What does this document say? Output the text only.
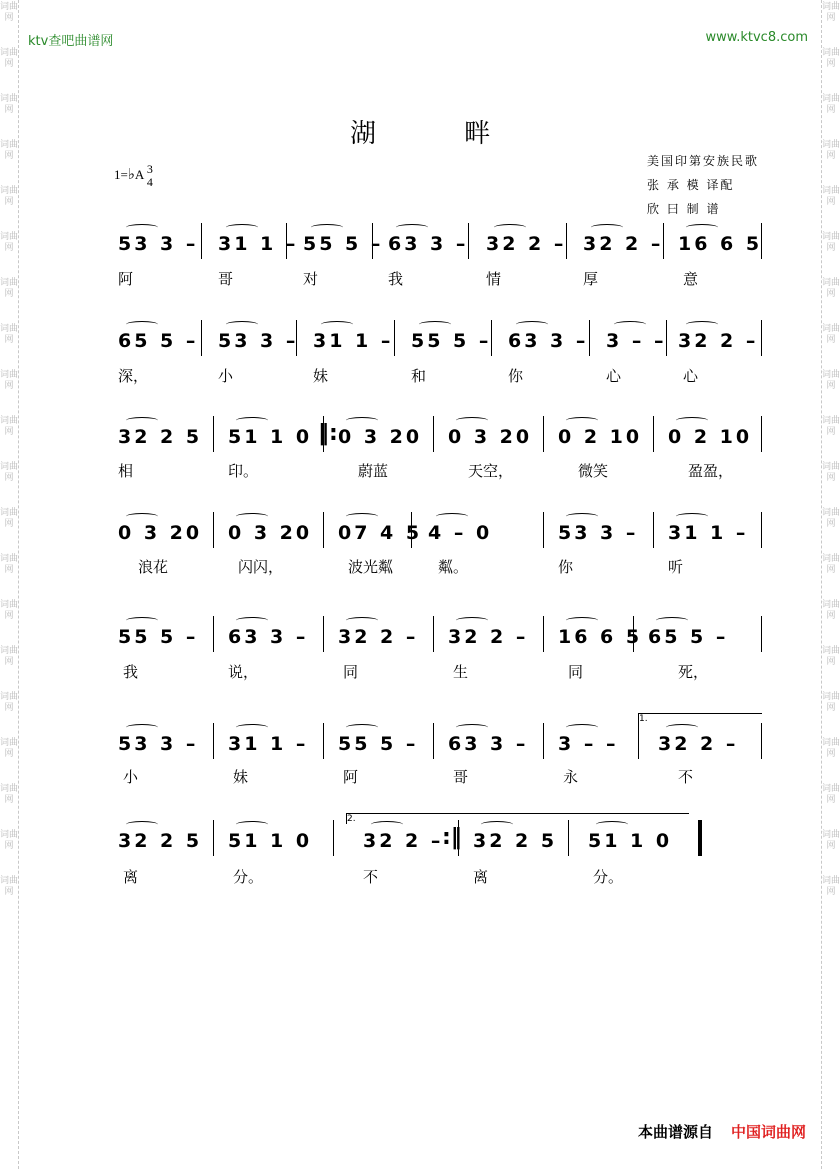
词曲网
词曲网
词曲网
词曲网
词曲网
词曲网
词曲网
词曲网
词曲网
词曲网
词曲网
词曲网
词曲网
词曲网
词曲网
词曲网
词曲网
词曲网
词曲网
词曲网
词曲网
词曲网
词曲网
词曲网
词曲网
词曲网
词曲网
词曲网
词曲网
词曲网
词曲网
词曲网
词曲网
词曲网
词曲网
词曲网
词曲网
词曲网
词曲网
词曲网
ktv查吧曲谱网	www.ktvc8.com
湖 畔
1=♭A 3
4
美国印第安族民歌
张 承 模 译配
欣 曰 制 谱
53 3 – 31 1 – 55 5 – 63 3 – 32 2 – 32 2 – 16 6 5
阿	哥	对	我	情	厚	意
65 5 – 53 3 – 31 1 – 55 5 – 63 3 – 3 – – 32 2 –
深，	小	妹	和	你	心	心
32 2 5 51 1 0 0 3 20 0 3 20 0 2 10 0 2 10
相	印。	蔚蓝	天空，	微笑	盈盈，
0 3 20 0 3 20 07 4 5 4 – 0	53 3 – 31 1 –
浪花	闪闪，	波光粼	粼。	你	听
55 5 – 63 3 – 32 2 – 32 2 – 16 6 5 65 5 –
我	说，	同	生	同	死，
53 3 – 31 1 – 55 5 – 63 3 – 3 – – 32 2 –
小	妹	阿	哥	永	不
32 2 5 51 1 0	32 2 – 32 2 5 51 1 0
离	分。	不	离	分。
‖:
:‖
1.
2.
本曲谱源自 中国词曲网
